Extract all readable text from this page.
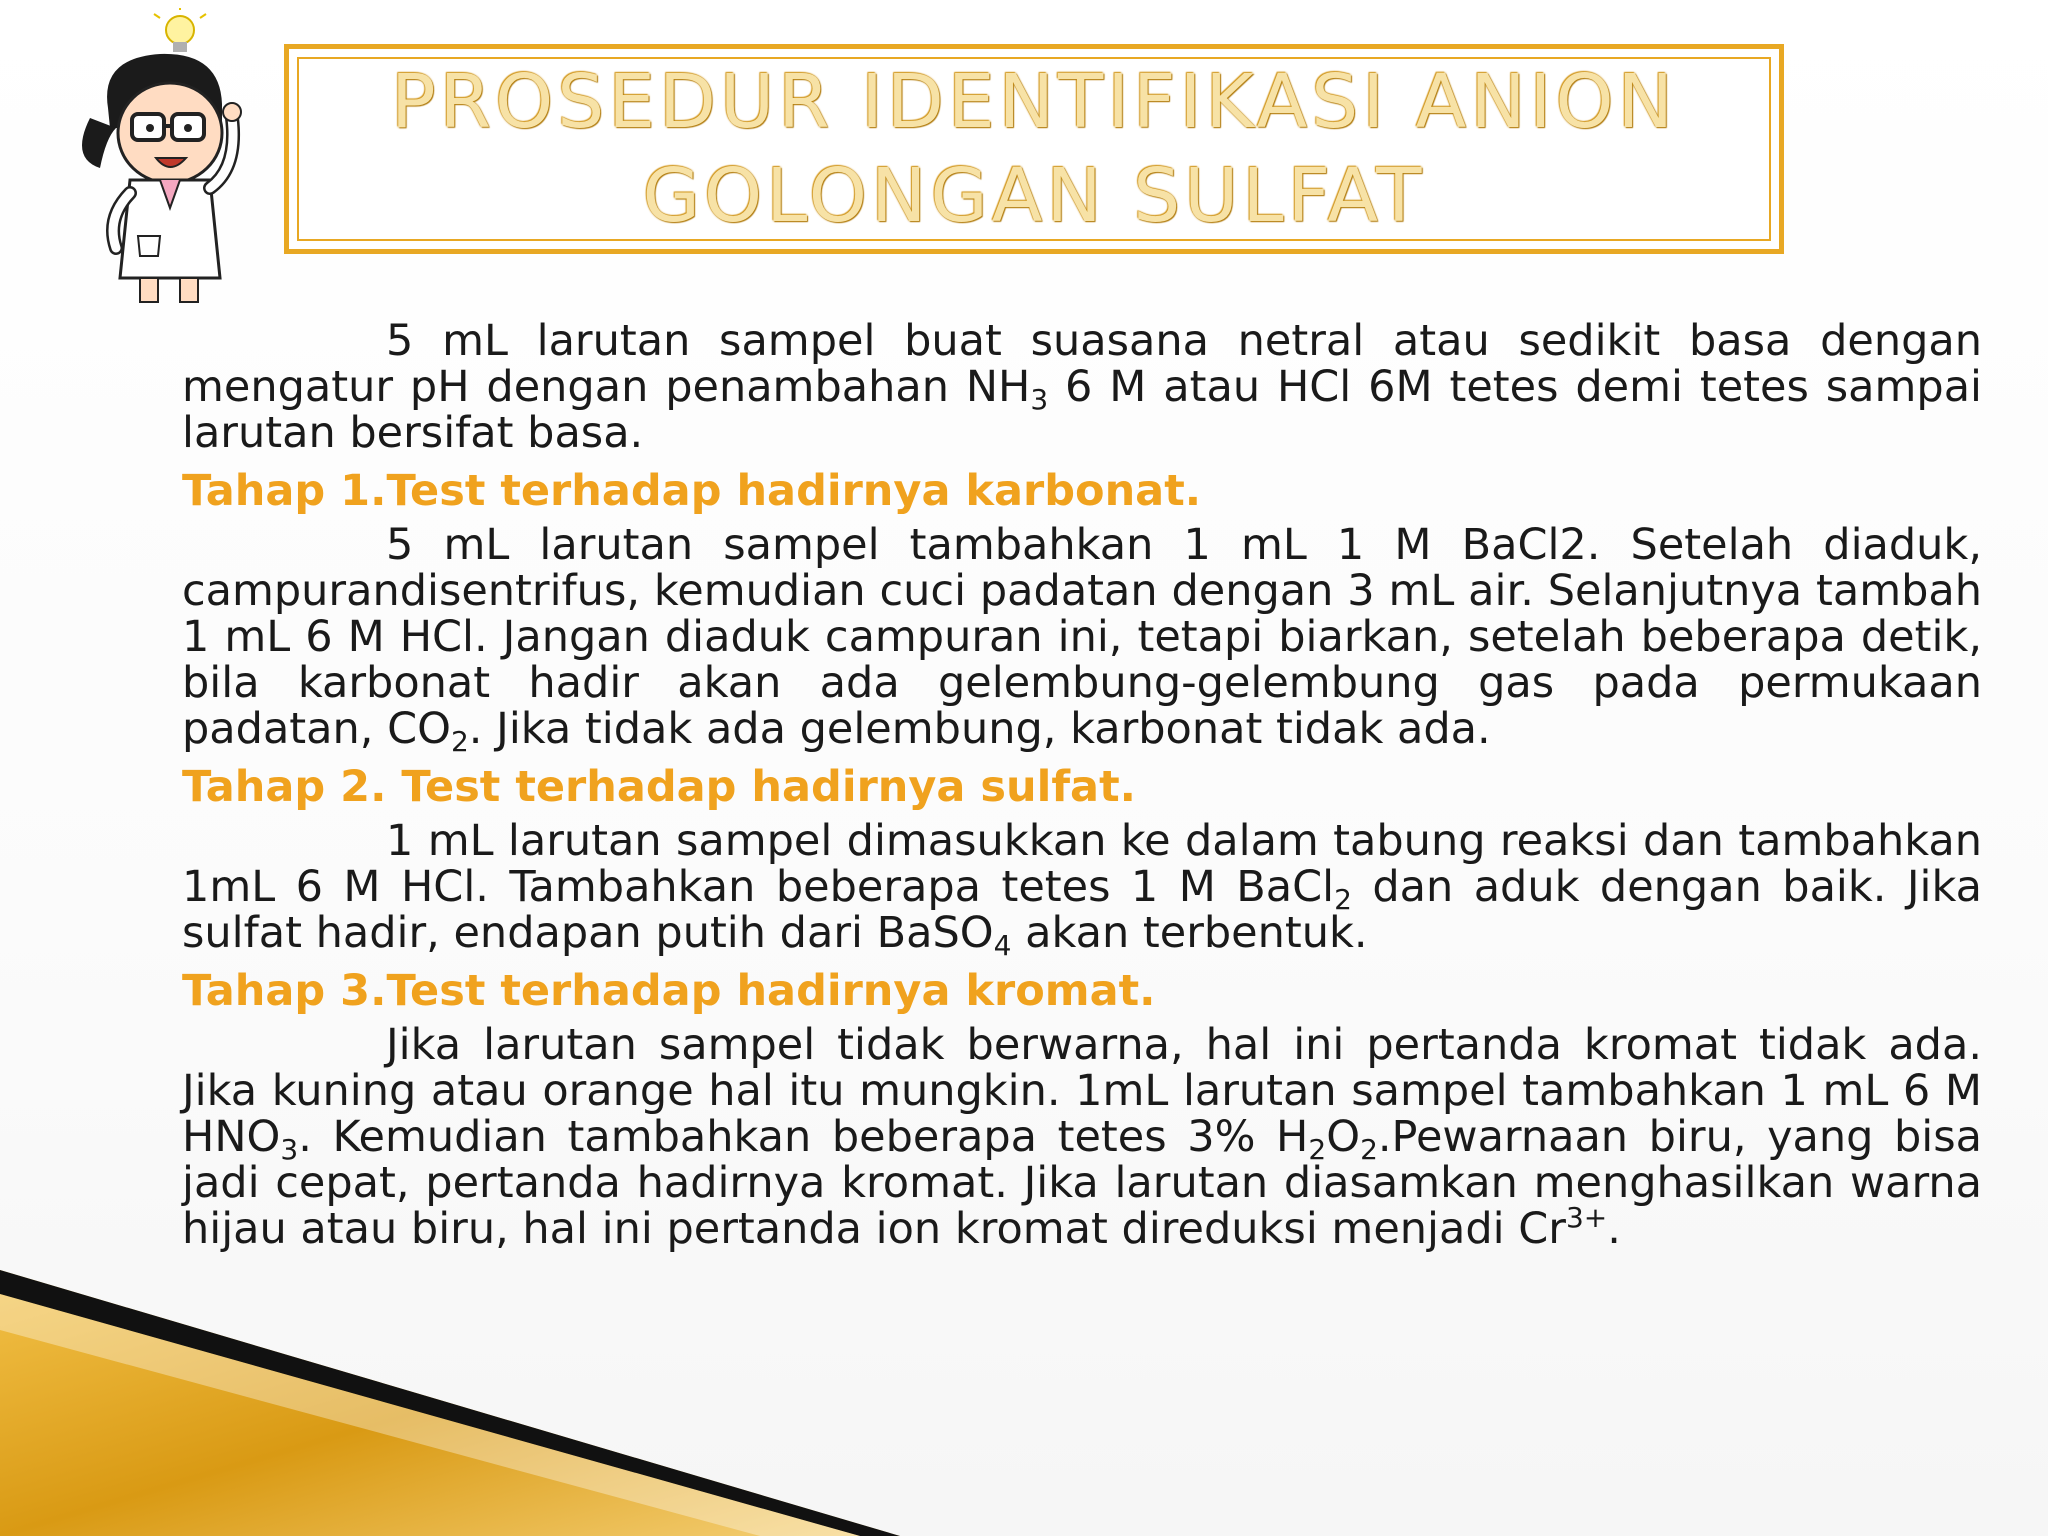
PROSEDUR IDENTIFIKASI ANION
GOLONGAN SULFAT

5 mL larutan sampel buat suasana netral atau sedikit basa dengan mengatur pH dengan penambahan $NH_3$ 6 M atau HCl 6M tetes demi tetes sampai larutan bersifat basa.

Tahap 1.Test terhadap hadirnya karbonat.

5 mL larutan sampel tambahkan 1 mL 1 M BaCl2. Setelah diaduk, campurandisentrifus, kemudian cuci padatan dengan 3 mL air. Selanjutnya tambah 1 mL 6 M HCl. Jangan diaduk campuran ini, tetapi biarkan, setelah beberapa detik, bila karbonat hadir akan ada gelembung-gelembung gas pada permukaan padatan, $CO_2$. Jika tidak ada gelembung, karbonat tidak ada.

Tahap 2. Test terhadap hadirnya sulfat.

1 mL larutan sampel dimasukkan ke dalam tabung reaksi dan tambahkan 1mL 6 M HCl. Tambahkan beberapa tetes 1 M BaCl$_2$ dan aduk dengan baik. Jika sulfat hadir, endapan putih dari BaSO$_4$ akan terbentuk.

Tahap 3.Test terhadap hadirnya kromat.

Jika larutan sampel tidak berwarna, hal ini pertanda kromat tidak ada. Jika kuning atau orange hal itu mungkin. 1mL larutan sampel tambahkan 1 mL 6 M $HNO_3$. Kemudian tambahkan beberapa tetes 3% $H_2O_2.Pewarnaan$ biru, yang bisa jadi cepat, pertanda hadirnya kromat. Jika larutan diasamkan menghasilkan warna hijau atau biru, hal ini pertanda ion kromat direduksi menjadi $Cr^{3+}$.
